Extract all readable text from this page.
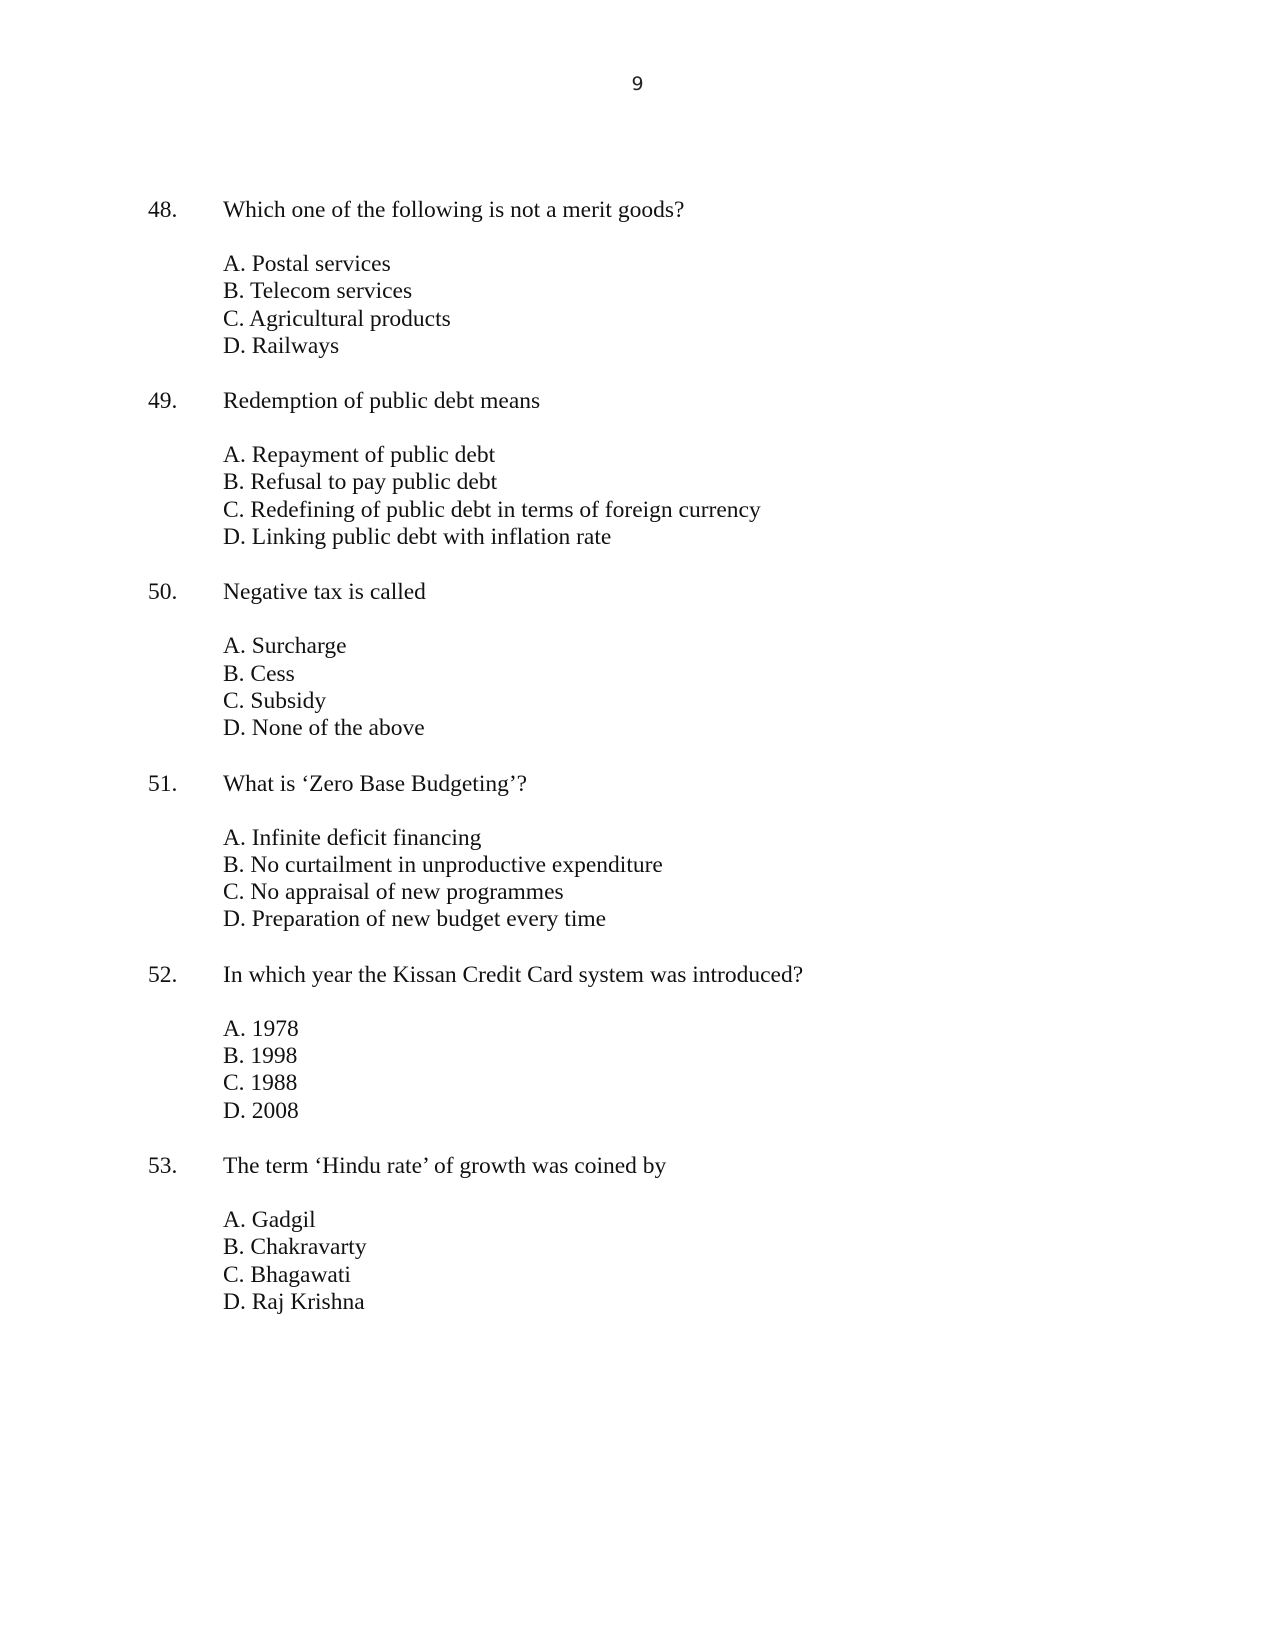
9
48.	Which one of the following is not a merit goods?
A. Postal services
B. Telecom services
C. Agricultural products
D. Railways
49.	Redemption of public debt means
A. Repayment of public debt
B. Refusal to pay public debt
C. Redefining of public debt in terms of foreign currency
D. Linking public debt with inflation rate
50.	Negative tax is called
A. Surcharge
B. Cess
C. Subsidy
D. None of the above
51.	What is ‘Zero Base Budgeting’?
A. Infinite deficit financing
B. No curtailment in unproductive expenditure
C. No appraisal of new programmes
D. Preparation of new budget every time
52.	In which year the Kissan Credit Card system was introduced?
A. 1978
B. 1998
C. 1988
D. 2008
53.	The term ‘Hindu rate’ of growth was coined by
A. Gadgil
B. Chakravarty
C. Bhagawati
D. Raj Krishna
